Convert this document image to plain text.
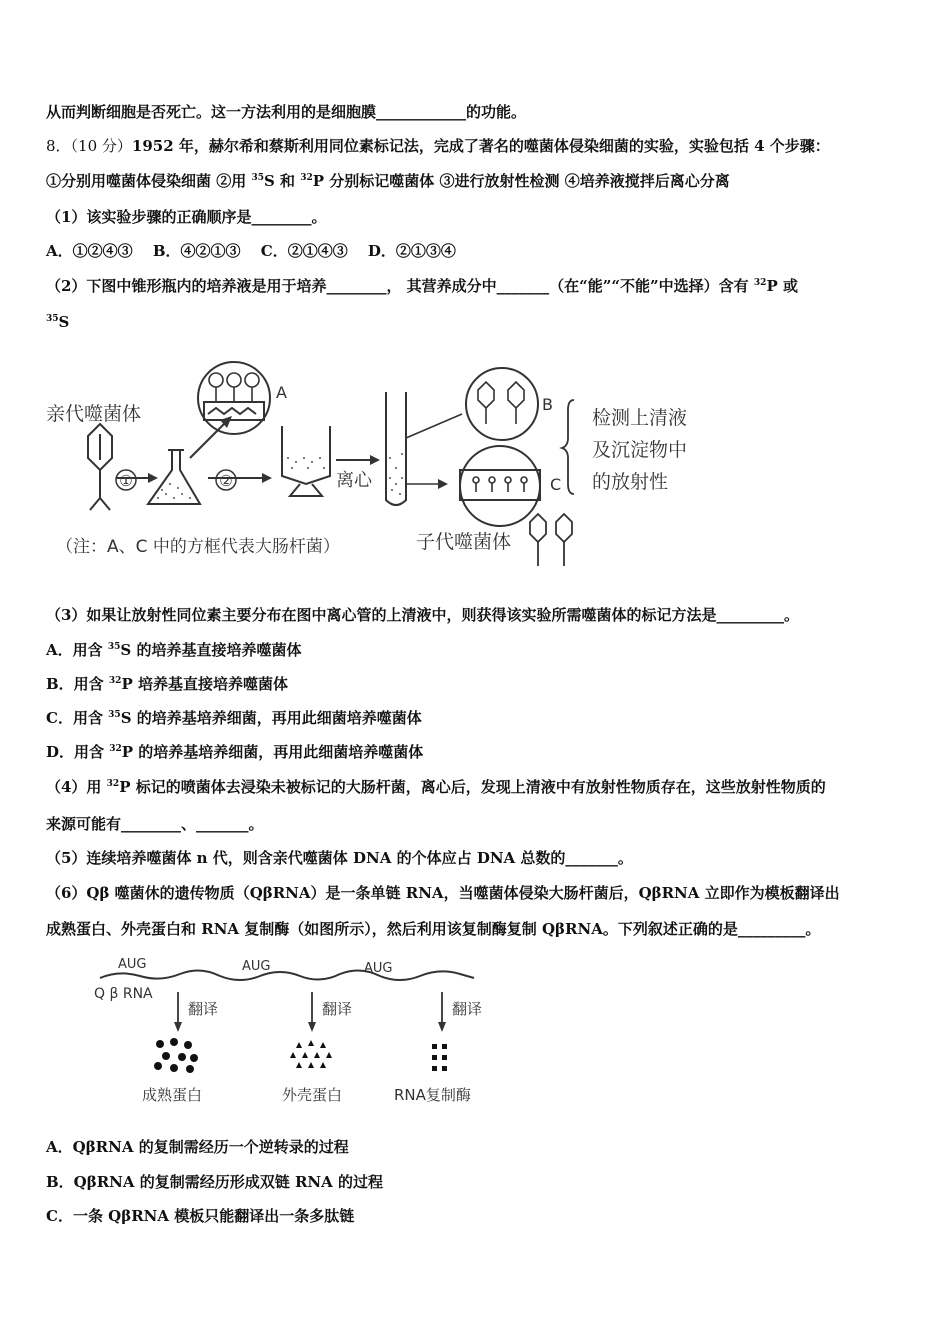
从而判断细胞是否死亡。这一方法利用的是细胞膜____________的功能。
8．（10 分）1952 年，赫尔希和蔡斯利用同位素标记法，完成了著名的噬菌体侵染细菌的实验，实验包括 4 个步骤：
①分别用噬菌体侵染细菌 ②用 $^{35}$S 和 $^{32}$P 分别标记噬菌体 ③进行放射性检测 ④培养液搅拌后离心分离
（1）该实验步骤的正确顺序是________。
A．①②④③　 B．④②①③　 C．②①④③　 D．②①③④
（2）下图中锥形瓶内的培养液是用于培养________， 其营养成分中_______（在“能”“不能”中选择）含有 $^{32}$P 或
$^{35}$S
亲代噬菌体
①	②
A
离心
B
C
检测上清液
及沉淀物中
的放射性
（注：A、C 中的方框代表大肠杆菌）	子代噬菌体
（3）如果让放射性同位素主要分布在图中离心管的上清液中，则获得该实验所需噬菌体的标记方法是_________。
A．用含 $^{35}$S 的培养基直接培养噬菌体
B．用含 $^{32}$P 培养基直接培养噬菌体
C．用含 $^{35}$S 的培养基培养细菌，再用此细菌培养噬菌体
D．用含 $^{32}$P 的培养基培养细菌，再用此细菌培养噬菌体
（4）用 $^{32}$P 标记的喷菌体去浸染未被标记的大肠杆菌，离心后，发现上清液中有放射性物质存在，这些放射性物质的
来源可能有________、_______。
（5）连续培养噬菌体 n 代，则含亲代噬菌体 DNA 的个体应占 DNA 总数的_______。
（6）Qβ 噬菌休的遗传物质（QβRNA）是一条单链 RNA，当噬菌体侵染大肠杆菌后，QβRNA 立即作为模板翻译出
成熟蛋白、外壳蛋白和 RNA 复制酶（如图所示），然后利用该复制酶复制 QβRNA。下列叙述正确的是_________。
AUG	AUG	AUG
Q β RNA
翻译	翻译	翻译
成熟蛋白	外壳蛋白	RNA复制酶
A．QβRNA 的复制需经历一个逆转录的过程
B．QβRNA 的复制需经历形成双链 RNA 的过程
C．一条 QβRNA 模板只能翻译出一条多肽链
